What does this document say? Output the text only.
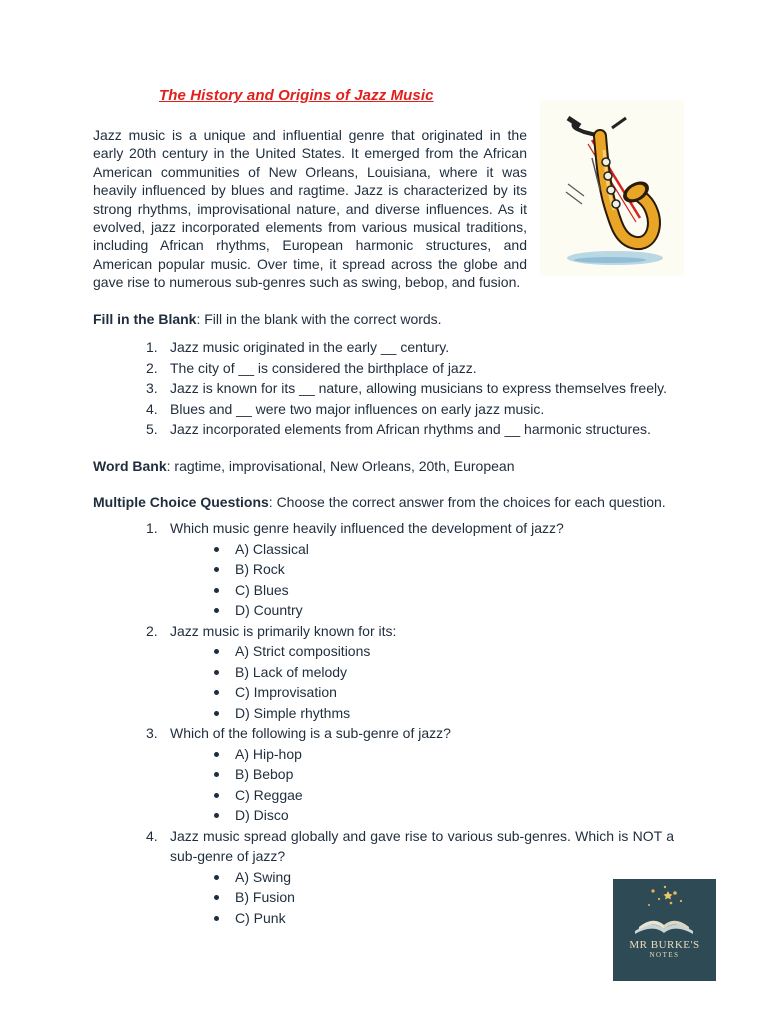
The History and Origins of Jazz Music

Jazz music is a unique and influential genre that originated in the early 20th century in the United States. It emerged from the African American communities of New Orleans, Louisiana, where it was heavily influenced by blues and ragtime. Jazz is characterized by its strong rhythms, improvisational nature, and diverse influences. As it evolved, jazz incorporated elements from various musical traditions, including African rhythms, European harmonic structures, and American popular music. Over time, it spread across the globe and gave rise to numerous sub-genres such as swing, bebop, and fusion.

Fill in the Blank: Fill in the blank with the correct words.

1. Jazz music originated in the early __ century.
2. The city of __ is considered the birthplace of jazz.
3. Jazz is known for its __ nature, allowing musicians to express themselves freely.
4. Blues and __ were two major influences on early jazz music.
5. Jazz incorporated elements from African rhythms and __ harmonic structures.

Word Bank: ragtime, improvisational, New Orleans, 20th, European

Multiple Choice Questions: Choose the correct answer from the choices for each question.

1. Which music genre heavily influenced the development of jazz?
A) Classical
B) Rock
C) Blues
D) Country
2. Jazz music is primarily known for its:
A) Strict compositions
B) Lack of melody
C) Improvisation
D) Simple rhythms
3. Which of the following is a sub-genre of jazz?
A) Hip-hop
B) Bebop
C) Reggae
D) Disco
4. Jazz music spread globally and gave rise to various sub-genres. Which is NOT a sub-genre of jazz?
A) Swing
B) Fusion
C) Punk
MR BURKE'S
NOTES
